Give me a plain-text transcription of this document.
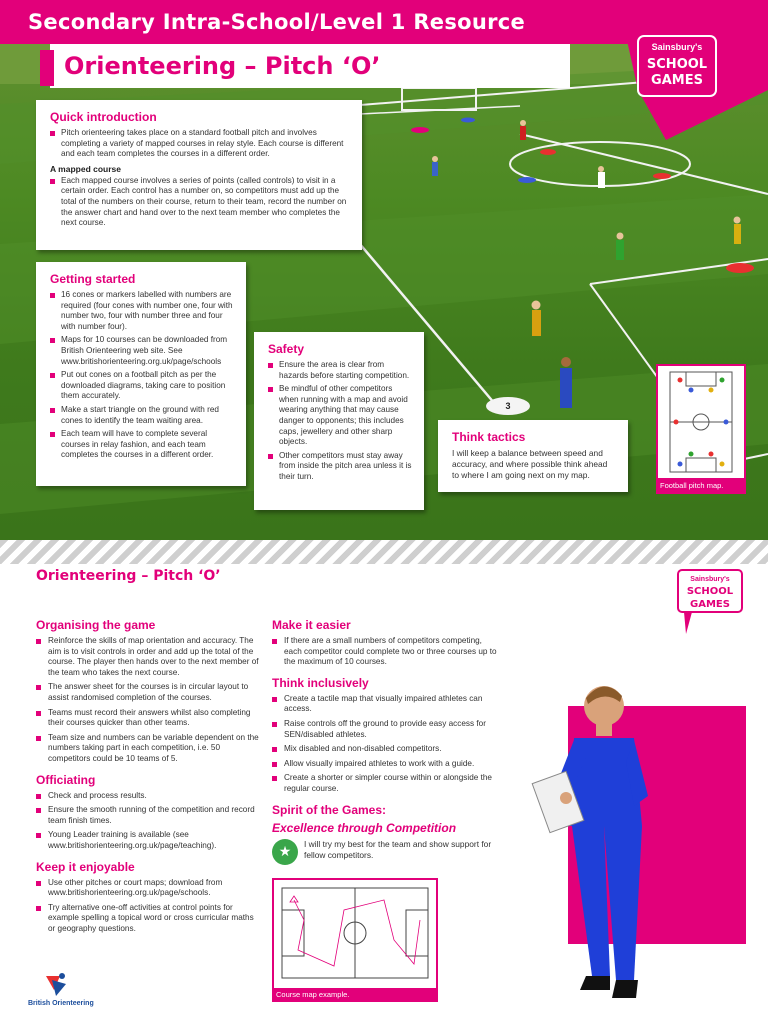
3
Secondary Intra-School/Level 1 Resource
Orienteering – Pitch ‘O’
Sainsbury's
SCHOOL
GAMES
Quick introduction
Pitch orienteering takes place on a standard football pitch and involves completing a variety of mapped courses in relay style. Each course is different and each team completes the courses in a different order.
A mapped course
Each mapped course involves a series of points (called controls) to visit in a certain order. Each control has a number on, so competitors must add up the total of the numbers on their course, return to their team, record the number on the answer chart and hand over to the next team member who completes the next course.
Getting started
16 cones or markers labelled with numbers are required (four cones with number one, four with number two, four with number three and four with number four).
Maps for 10 courses can be downloaded from British Orienteering web site. See www.britishorienteering.org.uk/page/schools
Put out cones on a football pitch as per the downloaded diagrams, taking care to position them accurately.
Make a start triangle on the ground with red cones to identify the team waiting area.
Each team will have to complete several courses in relay fashion, and each team completes the courses in a different order.
Safety
Ensure the area is clear from hazards before starting competition.
Be mindful of other competitors when running with a map and avoid wearing anything that may cause danger to opponents; this includes caps, jewellery and other sharp objects.
Other competitors must stay away from inside the pitch area unless it is their turn.
Think tactics

I will keep a balance between speed and accuracy, and where possible think ahead to where I am going next on my map.

Football pitch map.
Orienteering – Pitch ‘O’	Sainsbury's
SCHOOL
GAMES
Organising the game
Reinforce the skills of map orientation and accuracy. The aim is to visit controls in order and add up the total of the course. The player then hands over to the next member of the team who takes the next course.
The answer sheet for the courses is in circular layout to assist randomised completion of the courses.
Teams must record their answers whilst also completing their courses quicker than other teams.
Team size and numbers can be variable dependent on the numbers taking part in each competition, i.e. 50 competitors could be 10 teams of 5.
Officiating
Check and process results.
Ensure the smooth running of the competition and record team finish times.
Young Leader training is available (see www.britishorienteering.org.uk/page/teaching).
Keep it enjoyable
Use other pitches or court maps; download from www.britishorienteering.org.uk/page/schools.
Try alternative one-off activities at control points for example spelling a topical word or cross curricular maths or geography questions.
Make it easier
If there are a small numbers of competitors competing, each competitor could complete two or three courses up to the maximum of 10 courses.
Think inclusively
Create a tactile map that visually impaired athletes can access.
Raise controls off the ground to provide easy access for SEN/disabled athletes.
Mix disabled and non-disabled competitors.
Allow visually impaired athletes to work with a guide.
Create a shorter or simpler course within or alongside the regular course.
Spirit of the Games:
Excellence through Competition
★	I will try my best for the team and show support for fellow competitors.

Course map example.
British Orienteering
